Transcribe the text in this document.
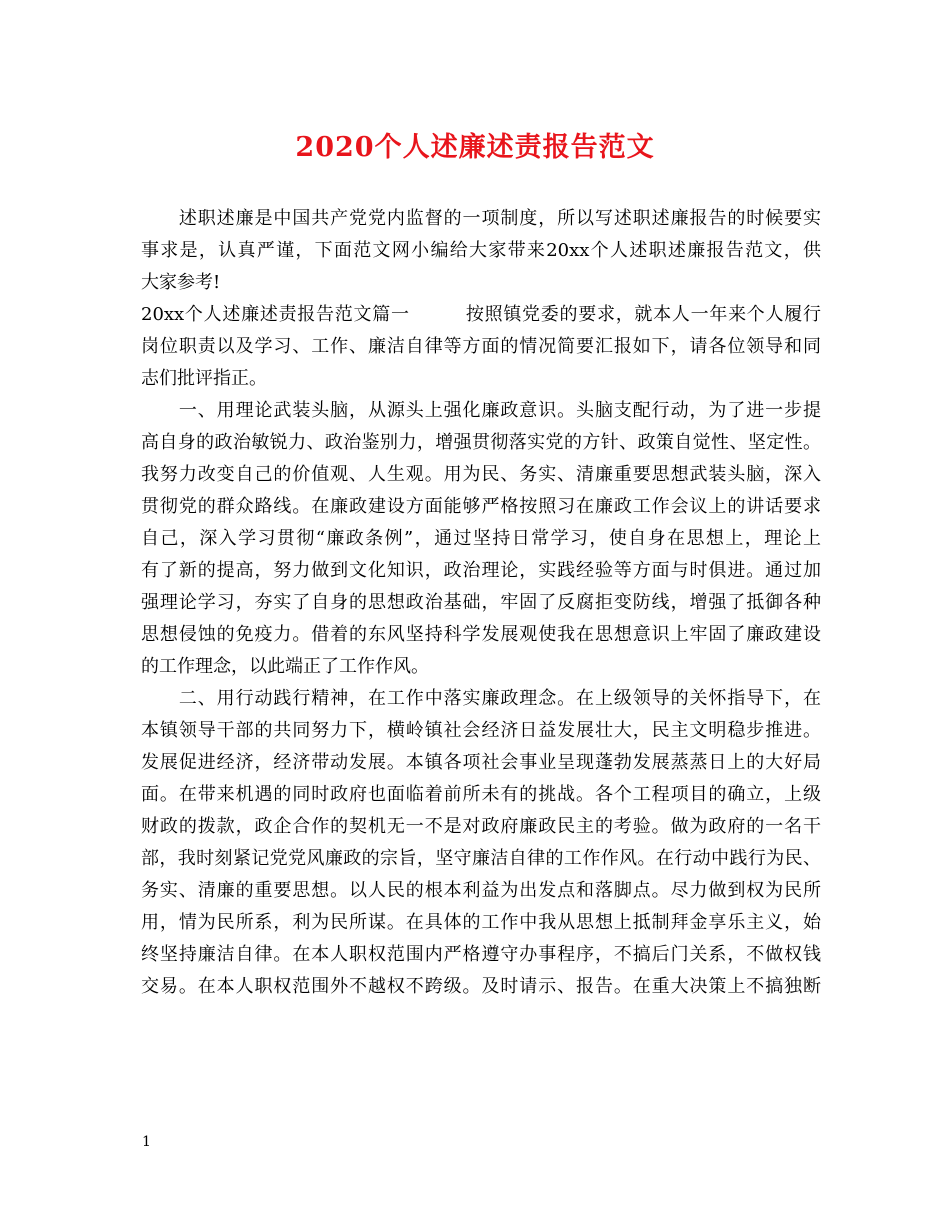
2020个人述廉述责报告范文

　　述职述廉是中国共产党党内监督的一项制度，所以写述职述廉报告的时候要实
事求是，认真严谨，下面范文网小编给大家带来20xx个人述职述廉报告范文，供
大家参考!

20xx个人述廉述责报告范文篇一　　　按照镇党委的要求，就本人一年来个人履行
岗位职责以及学习、工作、廉洁自律等方面的情况简要汇报如下，请各位领导和同
志们批评指正。

　　一、用理论武装头脑，从源头上强化廉政意识。头脑支配行动，为了进一步提
高自身的政治敏锐力、政治鉴别力，增强贯彻落实党的方针、政策自觉性、坚定性。
我努力改变自己的价值观、人生观。用为民、务实、清廉重要思想武装头脑，深入
贯彻党的群众路线。在廉政建设方面能够严格按照习在廉政工作会议上的讲话要求
自己，深入学习贯彻“廉政条例”，通过坚持日常学习，使自身在思想上，理论上
有了新的提高，努力做到文化知识，政治理论，实践经验等方面与时俱进。通过加
强理论学习，夯实了自身的思想政治基础，牢固了反腐拒变防线，增强了抵御各种
思想侵蚀的免疫力。借着的东风坚持科学发展观使我在思想意识上牢固了廉政建设
的工作理念，以此端正了工作作风。

　　二、用行动践行精神，在工作中落实廉政理念。在上级领导的关怀指导下，在
本镇领导干部的共同努力下，横岭镇社会经济日益发展壮大，民主文明稳步推进。
发展促进经济，经济带动发展。本镇各项社会事业呈现蓬勃发展蒸蒸日上的大好局
面。在带来机遇的同时政府也面临着前所未有的挑战。各个工程项目的确立，上级
财政的拨款，政企合作的契机无一不是对政府廉政民主的考验。做为政府的一名干
部，我时刻紧记党党风廉政的宗旨，坚守廉洁自律的工作作风。在行动中践行为民、
务实、清廉的重要思想。以人民的根本利益为出发点和落脚点。尽力做到权为民所
用，情为民所系，利为民所谋。在具体的工作中我从思想上抵制拜金享乐主义，始
终坚持廉洁自律。在本人职权范围内严格遵守办事程序，不搞后门关系，不做权钱
交易。在本人职权范围外不越权不跨级。及时请示、报告。在重大决策上不搞独断

1
